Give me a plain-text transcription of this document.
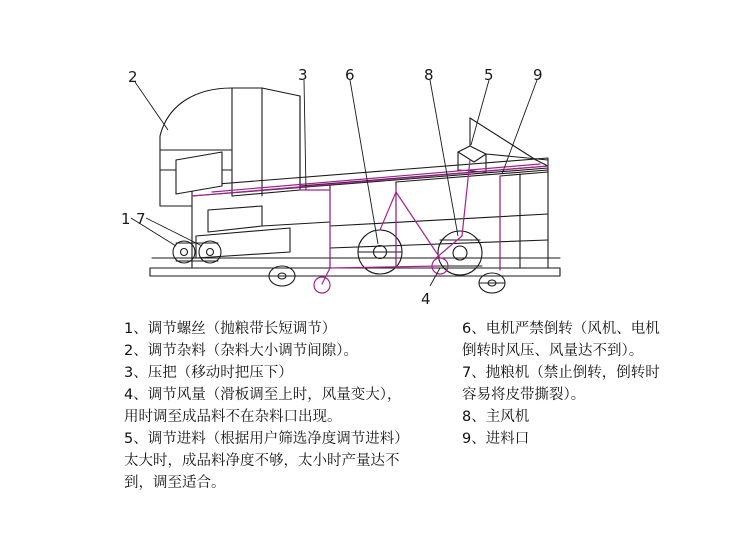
2	3 6	8	5	9
1 7
4
1、调节螺丝（抛粮带长短调节）
2、调节杂料（杂料大小调节间隙）。
3、压把（移动时把压下）
4、调节风量（滑板调至上时，风量变大），
用时调至成品料不在杂料口出现。
5、调节进料（根据用户筛选净度调节进料）
太大时，成品料净度不够，太小时产量达不
到，调至适合。
6、电机严禁倒转（风机、电机
倒转时风压、风量达不到）。
7、抛粮机（禁止倒转，倒转时
容易将皮带撕裂）。
8、主风机
9、进料口
